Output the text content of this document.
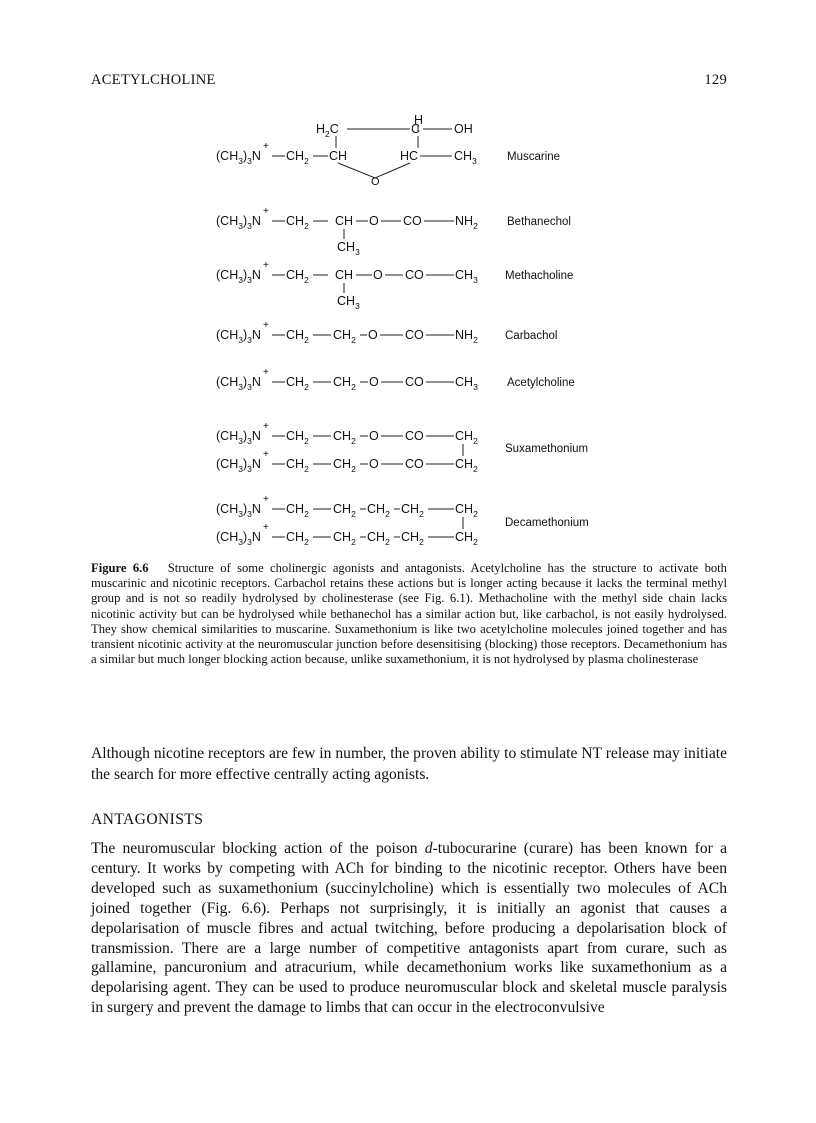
ACETYLCHOLINE	129
H
$H_2C$	C	OH
+
$(CH_3)_3N$ $CH_2$ CH	HC	$CH_3$
O
Muscarine
+
$(CH_3)_3N$ $CH_2$ CH O CO	$NH_2$
$CH_3$
Bethanechol
+
$(CH_3)_3N$ $CH_2$ CH O CO	$CH_3$
$CH_3$
Methacholine
+
$(CH_3)_3N$ $CH_2$ $CH_2$ O CO	$NH_2$ Carbachol
+
$(CH_3)_3N$ $CH_2$ $CH_2$ O CO	$CH_3$	Acetylcholine
+
$(CH_3)_3N$ $CH_2$ $CH_2$ O CO	$CH_2$
+
$(CH_3)_3N$ $CH_2$ $CH_2$ O CO	$CH_2$
Suxamethonium
+
$(CH_3)_3N$ $CH_2$ $CH_2$ $CH_2$ $CH_2$ $CH_2$
+
$(CH_3)_3N$ $CH_2$ $CH_2$ $CH_2$ $CH_2$ $CH_2$
Decamethonium
Figure 6.6 Structure of some cholinergic agonists and antagonists. Acetylcholine has the structure to activate both muscarinic and nicotinic receptors. Carbachol retains these actions but is longer acting because it lacks the terminal methyl group and is not so readily hydrolysed by cholinesterase (see Fig. 6.1). Methacholine with the methyl side chain lacks nicotinic activity but can be hydrolysed while bethanechol has a similar action but, like carbachol, is not easily hydrolysed. They show chemical similarities to muscarine. Suxamethonium is like two acetylcholine molecules joined together and has transient nicotinic activity at the neuromuscular junction before desensitising (blocking) those receptors. Decamethonium has a similar but much longer blocking action because, unlike suxamethonium, it is not hydrolysed by plasma cholinesterase

Although nicotine receptors are few in number, the proven ability to stimulate NT release may initiate the search for more effective centrally acting agonists.

ANTAGONISTS

The neuromuscular blocking action of the poison d-tubocurarine (curare) has been known for a century. It works by competing with ACh for binding to the nicotinic receptor. Others have been developed such as suxamethonium (succinylcholine) which is essentially two molecules of ACh joined together (Fig. 6.6). Perhaps not surprisingly, it is initially an agonist that causes a depolarisation of muscle fibres and actual twitching, before producing a depolarisation block of transmission. There are a large number of competitive antagonists apart from curare, such as gallamine, pancuronium and atracurium, while decamethonium works like suxamethonium as a depolarising agent. They can be used to produce neuromuscular block and skeletal muscle paralysis in surgery and prevent the damage to limbs that can occur in the electroconvulsive
